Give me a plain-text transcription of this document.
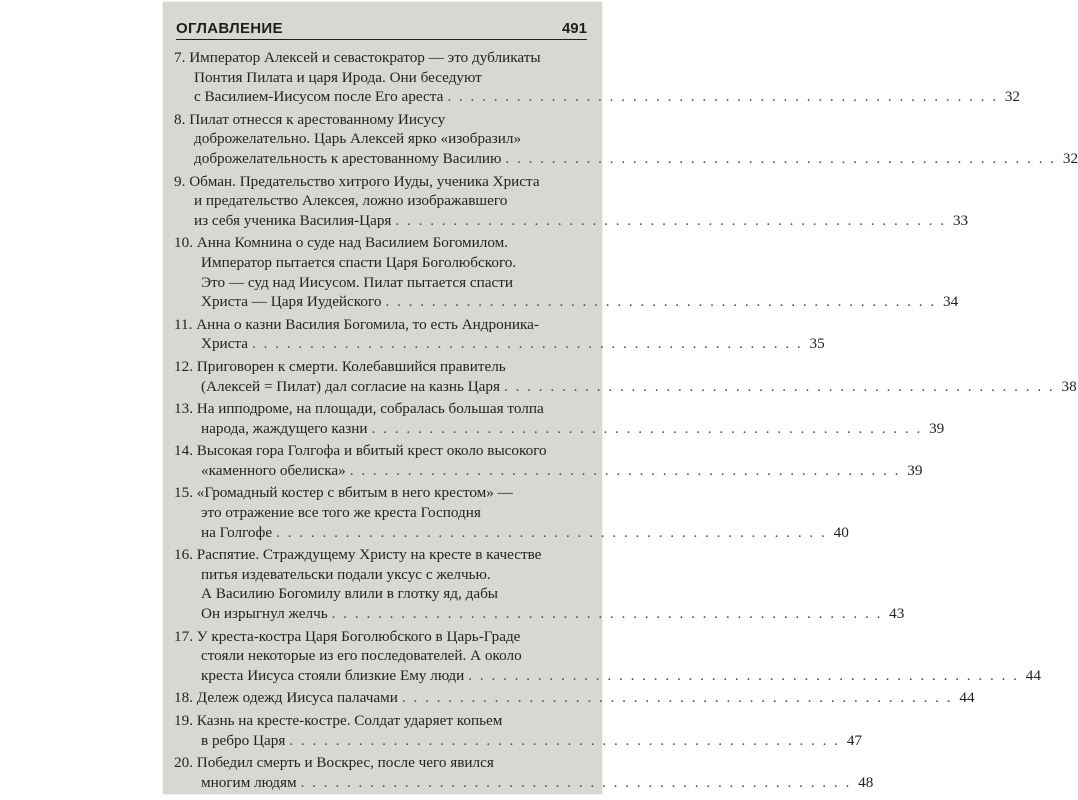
ОГЛАВЛЕНИЕ	491
7. Император Алексей и севастократор — это дубликаты
Понтия Пилата и царя Ирода. Они беседуют
с Василием-Иисусом после Его ареста . . . . . . . . . . . . . . . . . . . . . . . . . . . . . . . . . . . . . . . . . . . . . . . . 32
8. Пилат отнесся к арестованному Иисусу
доброжелательно. Царь Алексей ярко «изобразил»
доброжелательность к арестованному Василию . . . . . . . . . . . . . . . . . . . . . . . . . . . . . . . . . . . . . . . . . . . . . . . . 32
9. Обман. Предательство хитрого Иуды, ученика Христа
и предательство Алексея, ложно изображавшего
из себя ученика Василия-Царя . . . . . . . . . . . . . . . . . . . . . . . . . . . . . . . . . . . . . . . . . . . . . . . . 33
10. Анна Комнина о суде над Василием Богомилом.
Император пытается спасти Царя Боголюбского.
Это — суд над Иисусом. Пилат пытается спасти
Христа — Царя Иудейского . . . . . . . . . . . . . . . . . . . . . . . . . . . . . . . . . . . . . . . . . . . . . . . . 34
11. Анна о казни Василия Богомила, то есть Андроника-
Христа . . . . . . . . . . . . . . . . . . . . . . . . . . . . . . . . . . . . . . . . . . . . . . . . 35
12. Приговорен к смерти. Колебавшийся правитель
(Алексей = Пилат) дал согласие на казнь Царя . . . . . . . . . . . . . . . . . . . . . . . . . . . . . . . . . . . . . . . . . . . . . . . . 38
13. На ипподроме, на площади, собралась большая толпа
народа, жаждущего казни . . . . . . . . . . . . . . . . . . . . . . . . . . . . . . . . . . . . . . . . . . . . . . . . 39
14. Высокая гора Голгофа и вбитый крест около высокого
«каменного обелиска» . . . . . . . . . . . . . . . . . . . . . . . . . . . . . . . . . . . . . . . . . . . . . . . . 39
15. «Громадный костер с вбитым в него крестом» —
это отражение все того же креста Господня
на Голгофе . . . . . . . . . . . . . . . . . . . . . . . . . . . . . . . . . . . . . . . . . . . . . . . . 40
16. Распятие. Страждущему Христу на кресте в качестве
питья издевательски подали уксус с желчью.
А Василию Богомилу влили в глотку яд, дабы
Он изрыгнул желчь . . . . . . . . . . . . . . . . . . . . . . . . . . . . . . . . . . . . . . . . . . . . . . . . 43
17. У креста-костра Царя Боголюбского в Царь-Граде
стояли некоторые из его последователей. А около
креста Иисуса стояли близкие Ему люди . . . . . . . . . . . . . . . . . . . . . . . . . . . . . . . . . . . . . . . . . . . . . . . . 44
18. Дележ одежд Иисуса палачами . . . . . . . . . . . . . . . . . . . . . . . . . . . . . . . . . . . . . . . . . . . . . . . . 44
19. Казнь на кресте-костре. Солдат ударяет копьем
в ребро Царя . . . . . . . . . . . . . . . . . . . . . . . . . . . . . . . . . . . . . . . . . . . . . . . . 47
20. Победил смерть и Воскрес, после чего явился
многим людям . . . . . . . . . . . . . . . . . . . . . . . . . . . . . . . . . . . . . . . . . . . . . . . . 48
